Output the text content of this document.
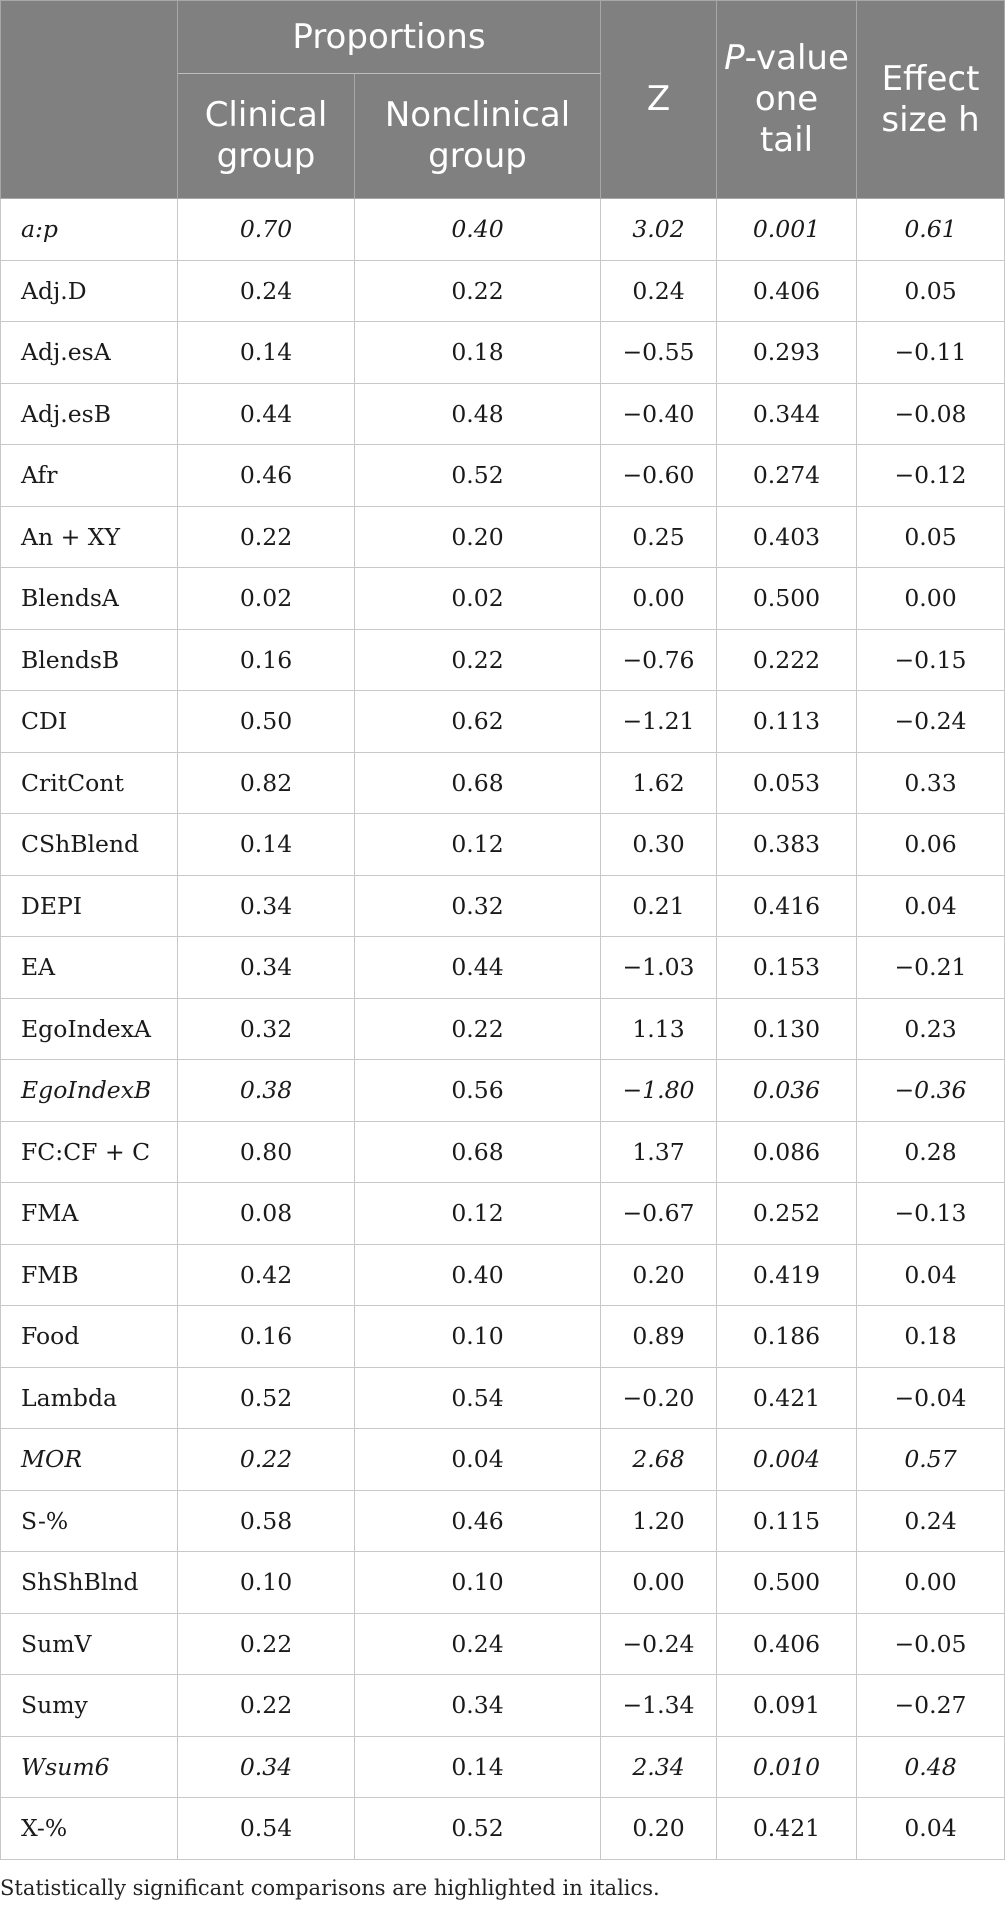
	Proportions		Z	P-value one tail	Effect size h
	Clinical group	Nonclinical group			
a:p	0.70	0.40	3.02	0.001	0.61
Adj.D	0.24	0.22	0.24	0.406	0.05
Adj.esA	0.14	0.18	−0.55	0.293	−0.11
Adj.esB	0.44	0.48	−0.40	0.344	−0.08
Afr	0.46	0.52	−0.60	0.274	−0.12
An + XY	0.22	0.20	0.25	0.403	0.05
BlendsA	0.02	0.02	0.00	0.500	0.00
BlendsB	0.16	0.22	−0.76	0.222	−0.15
CDI	0.50	0.62	−1.21	0.113	−0.24
CritCont	0.82	0.68	1.62	0.053	0.33
CShBlend	0.14	0.12	0.30	0.383	0.06
DEPI	0.34	0.32	0.21	0.416	0.04
EA	0.34	0.44	−1.03	0.153	−0.21
EgoIndexA	0.32	0.22	1.13	0.130	0.23
EgoIndexB	0.38	0.56	−1.80	0.036	−0.36
FC:CF + C	0.80	0.68	1.37	0.086	0.28
FMA	0.08	0.12	−0.67	0.252	−0.13
FMB	0.42	0.40	0.20	0.419	0.04
Food	0.16	0.10	0.89	0.186	0.18
Lambda	0.52	0.54	−0.20	0.421	−0.04
MOR	0.22	0.04	2.68	0.004	0.57
S-%	0.58	0.46	1.20	0.115	0.24
ShShBlnd	0.10	0.10	0.00	0.500	0.00
SumV	0.22	0.24	−0.24	0.406	−0.05
Sumy	0.22	0.34	−1.34	0.091	−0.27
Wsum6	0.34	0.14	2.34	0.010	0.48
X-%	0.54	0.52	0.20	0.421	0.04
Statistically significant comparisons are highlighted in italics.
